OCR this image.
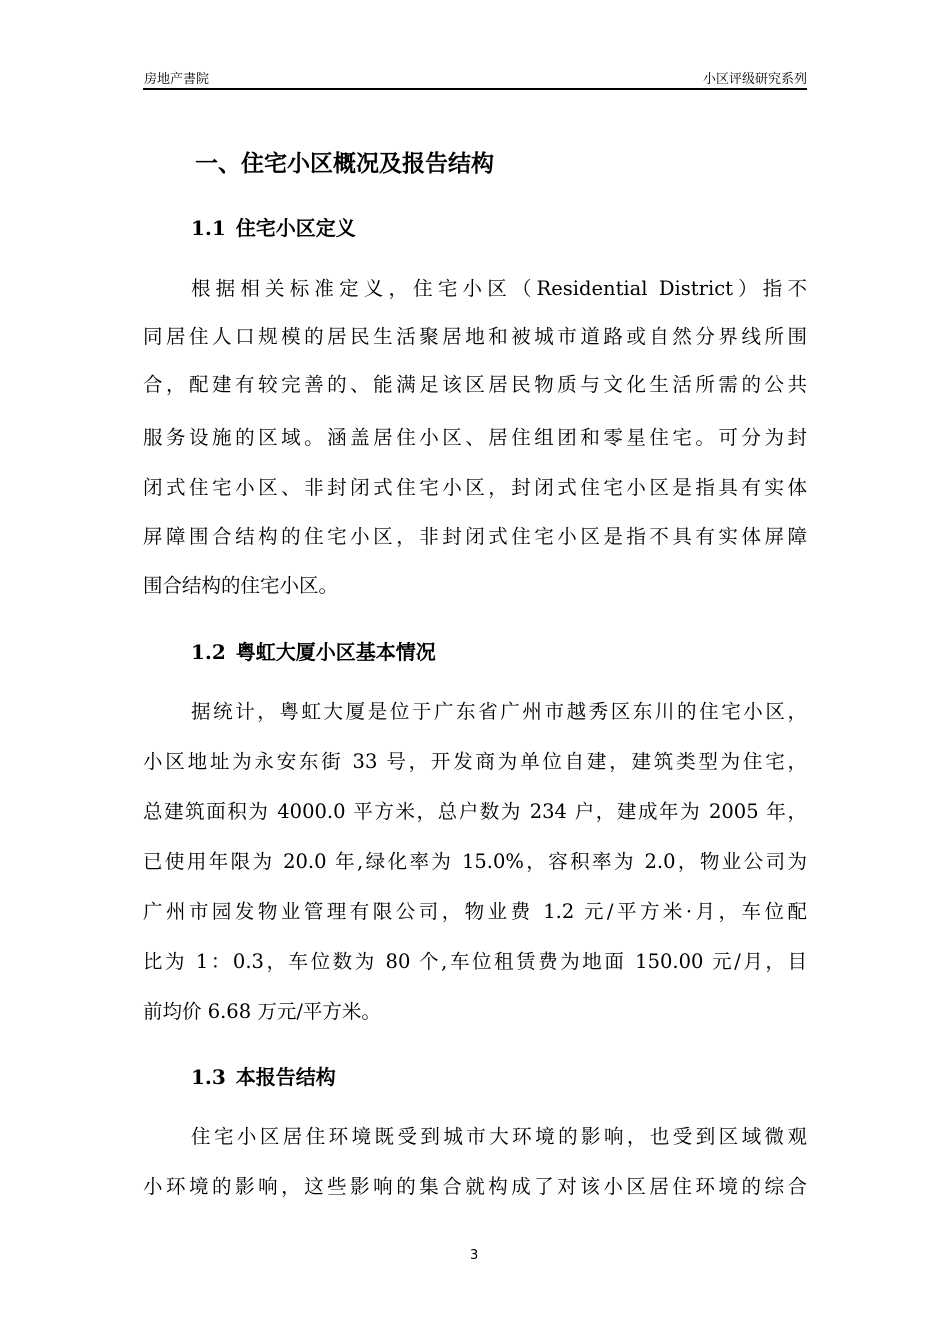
房地产書院	小区评级研究系列
一、住宅小区概况及报告结构
1.1 住宅小区定义
根据相关标准定义，住宅小区（Residential District）指不
同居住人口规模的居民生活聚居地和被城市道路或自然分界线所围
合，配建有较完善的、能满足该区居民物质与文化生活所需的公共
服务设施的区域。涵盖居住小区、居住组团和零星住宅。可分为封
闭式住宅小区、非封闭式住宅小区，封闭式住宅小区是指具有实体
屏障围合结构的住宅小区，非封闭式住宅小区是指不具有实体屏障
围合结构的住宅小区。
1.2 粤虹大厦小区基本情况
据统计，粤虹大厦是位于广东省广州市越秀区东川的住宅小区，
小区地址为永安东街 33 号，开发商为单位自建，建筑类型为住宅，
总建筑面积为 4000.0 平方米，总户数为 234 户，建成年为 2005 年，
已使用年限为 20.0 年,绿化率为 15.0%，容积率为 2.0，物业公司为
广州市园发物业管理有限公司，物业费 1.2 元/平方米·月，车位配
比为 1：0.3，车位数为 80 个,车位租赁费为地面 150.00 元/月，目
前均价 6.68 万元/平方米。
1.3 本报告结构
住宅小区居住环境既受到城市大环境的影响，也受到区域微观
小环境的影响，这些影响的集合就构成了对该小区居住环境的综合
3
